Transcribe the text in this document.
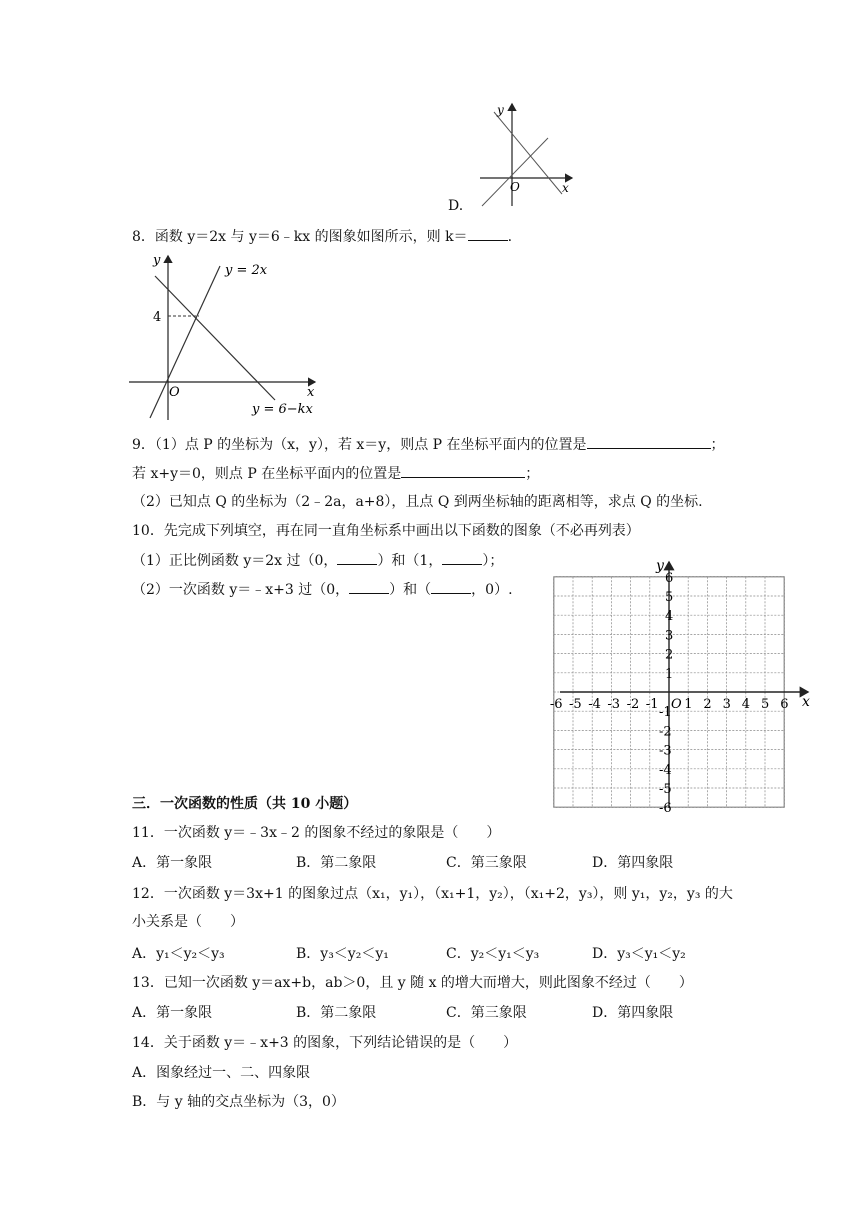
D.
x
y
O
8．函数 y＝2x 与 y＝6﹣kx 的图象如图所示，则 k＝	.
y = 2x
y = 6−kx
4
x
y
O
9．（1）点 P 的坐标为（x，y），若 x＝y，则点 P 在坐标平面内的位置是	；
若 x+y＝0，则点 P 在坐标平面内的位置是	；
（2）已知点 Q 的坐标为（2﹣2a，a+8），且点 Q 到两坐标轴的距离相等，求点 Q 的坐标.
10．先完成下列填空，再在同一直角坐标系中画出以下函数的图象（不必再列表）
（1）正比例函数 y＝2x 过（0，	）和（1，	）；
（2）一次函数 y＝﹣x+3 过（0，	）和（	，0）.
-6 -5 -4 -3 -2 -1 O 1 2 3 4 5 6
6
5
4
3
2
1
-1
-2
-3
-4
-5
-6
x
y
三．一次函数的性质（共 10 小题）
11．一次函数 y＝﹣3x﹣2 的图象不经过的象限是（　　）
A．第一象限	B．第二象限	C．第三象限	D．第四象限
12．一次函数 y＝3x+1 的图象过点（x₁，y₁），（x₁+1，y₂），（x₁+2，y₃），则 y₁，y₂，y₃ 的大
小关系是（　　）
A．y₁＜y₂＜y₃	B．y₃＜y₂＜y₁	C．y₂＜y₁＜y₃	D．y₃＜y₁＜y₂
13．已知一次函数 y＝ax+b，ab＞0，且 y 随 x 的增大而增大，则此图象不经过（　　）
A．第一象限	B．第二象限	C．第三象限	D．第四象限
14．关于函数 y＝﹣x+3 的图象，下列结论错误的是（　　）
A．图象经过一、二、四象限
B．与 y 轴的交点坐标为（3，0）
